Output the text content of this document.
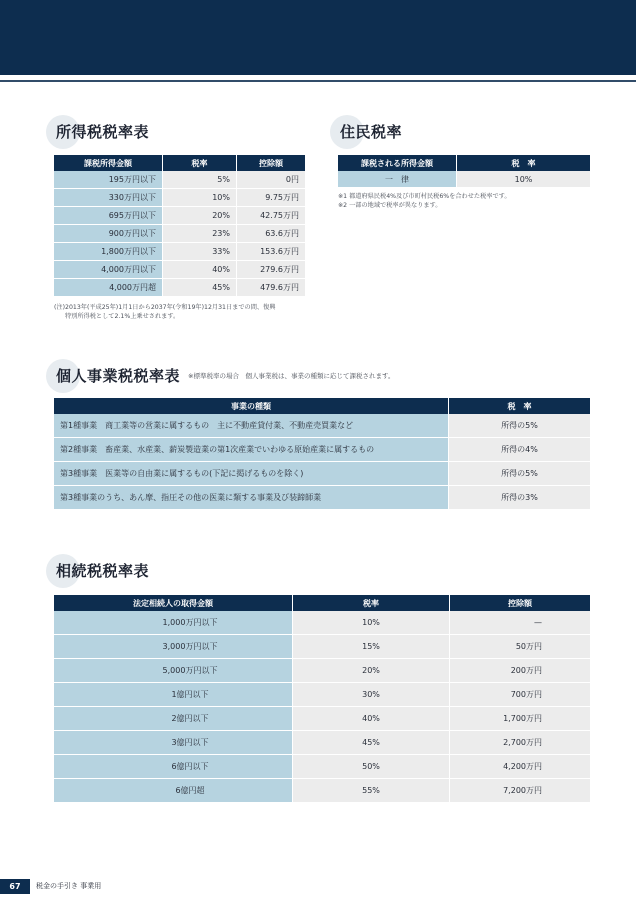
所得税税率表
課税所得金額	税率	控除額
195万円以下	5%	0円
330万円以下	10%	9.75万円
695万円以下	20%	42.75万円
900万円以下	23%	63.6万円
1,800万円以下	33%	153.6万円
4,000万円以下	40%	279.6万円
4,000万円超	45%	479.6万円
(注)2013年(平成25年)1月1日から2037年(令和19年)12月31日までの間、復興
特別所得税として2.1%上乗せされます。
住民税率
課税される所得金額	税　率
一　律	10%
※1 都道府県民税4%及び市町村民税6%を合わせた税率です。
※2 一部の地域で税率が異なります。
個人事業税税率表 ※標準税率の場合　個人事業税は、事業の種類に応じて課税されます。
事業の種類	税　率
第1種事業　商工業等の営業に属するもの　主に不動産貸付業、不動産売買業など	所得の5%
第2種事業　畜産業、水産業、薪炭製造業の第1次産業でいわゆる原始産業に属するもの	所得の4%
第3種事業　医業等の自由業に属するもの(下記に掲げるものを除く)	所得の5%
第3種事業のうち、あん摩、指圧その他の医業に類する事業及び装蹄師業	所得の3%
相続税税率表
法定相続人の取得金額	税率	控除額
1,000万円以下	10%	—
3,000万円以下	15%	50万円
5,000万円以下	20%	200万円
1億円以下	30%	700万円
2億円以下	40%	1,700万円
3億円以下	45%	2,700万円
6億円以下	50%	4,200万円
6億円超	55%	7,200万円
67	税金の手引き 事業用
